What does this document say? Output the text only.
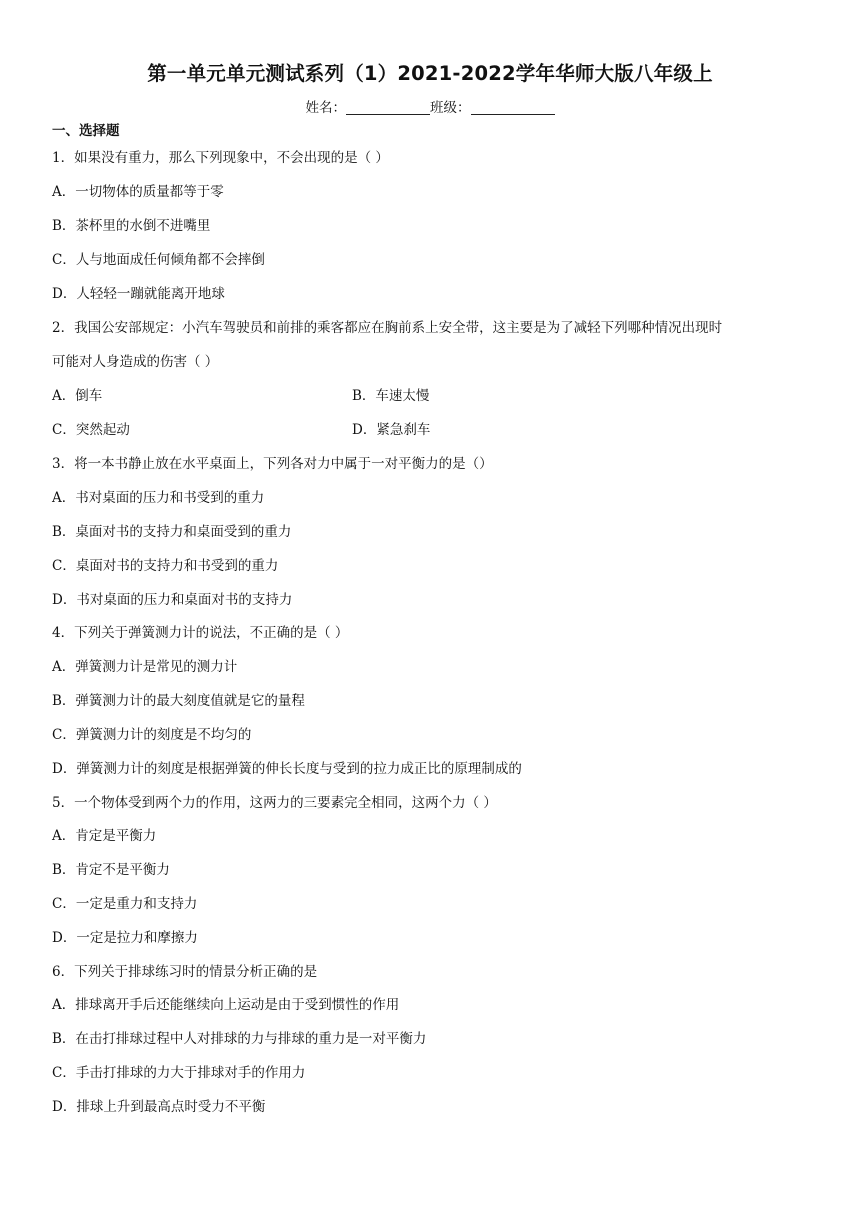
第一单元单元测试系列（1）2021-2022学年华师大版八年级上
姓名：	班级：
一、选择题
1．如果没有重力，那么下列现象中，不会出现的是（ ）
A．一切物体的质量都等于零
B．茶杯里的水倒不进嘴里
C．人与地面成任何倾角都不会摔倒
D．人轻轻一蹦就能离开地球
2．我国公安部规定：小汽车驾驶员和前排的乘客都应在胸前系上安全带，这主要是为了减轻下列哪种情况出现时
可能对人身造成的伤害（ ）
A．倒车	B．车速太慢
C．突然起动	D．紧急刹车
3．将一本书静止放在水平桌面上，下列各对力中属于一对平衡力的是（）
A．书对桌面的压力和书受到的重力
B．桌面对书的支持力和桌面受到的重力
C．桌面对书的支持力和书受到的重力
D．书对桌面的压力和桌面对书的支持力
4．下列关于弹簧测力计的说法，不正确的是（ ）
A．弹簧测力计是常见的测力计
B．弹簧测力计的最大刻度值就是它的量程
C．弹簧测力计的刻度是不均匀的
D．弹簧测力计的刻度是根据弹簧的伸长长度与受到的拉力成正比的原理制成的
5．一个物体受到两个力的作用，这两力的三要素完全相同，这两个力（ ）
A．肯定是平衡力
B．肯定不是平衡力
C．一定是重力和支持力
D．一定是拉力和摩擦力
6．下列关于排球练习时的情景分析正确的是
A．排球离开手后还能继续向上运动是由于受到惯性的作用
B．在击打排球过程中人对排球的力与排球的重力是一对平衡力
C．手击打排球的力大于排球对手的作用力
D．排球上升到最高点时受力不平衡
